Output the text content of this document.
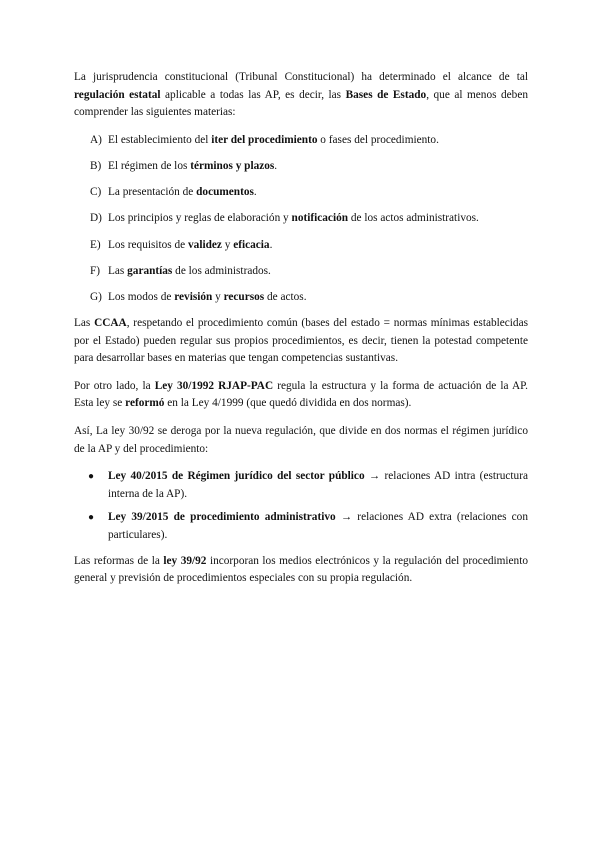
La jurisprudencia constitucional (Tribunal Constitucional) ha determinado el alcance de tal regulación estatal aplicable a todas las AP, es decir, las Bases de Estado, que al menos deben comprender las siguientes materias:

A) El establecimiento del iter del procedimiento o fases del procedimiento.
B) El régimen de los términos y plazos.
C) La presentación de documentos.
D) Los principios y reglas de elaboración y notificación de los actos administrativos.
E) Los requisitos de validez y eficacia.
F) Las garantías de los administrados.
G) Los modos de revisión y recursos de actos.

Las CCAA, respetando el procedimiento común (bases del estado = normas mínimas establecidas por el Estado) pueden regular sus propios procedimientos, es decir, tienen la potestad competente para desarrollar bases en materias que tengan competencias sustantivas.

Por otro lado, la Ley 30/1992 RJAP-PAC regula la estructura y la forma de actuación de la AP. Esta ley se reformó en la Ley 4/1999 (que quedó dividida en dos normas).

Así, La ley 30/92 se deroga por la nueva regulación, que divide en dos normas el régimen jurídico de la AP y del procedimiento:

●	Ley 40/2015 de Régimen jurídico del sector público → relaciones AD intra (estructura interna de la AP).
●	Ley 39/2015 de procedimiento administrativo → relaciones AD extra (relaciones con particulares).

Las reformas de la ley 39/92 incorporan los medios electrónicos y la regulación del procedimiento general y previsión de procedimientos especiales con su propia regulación.
